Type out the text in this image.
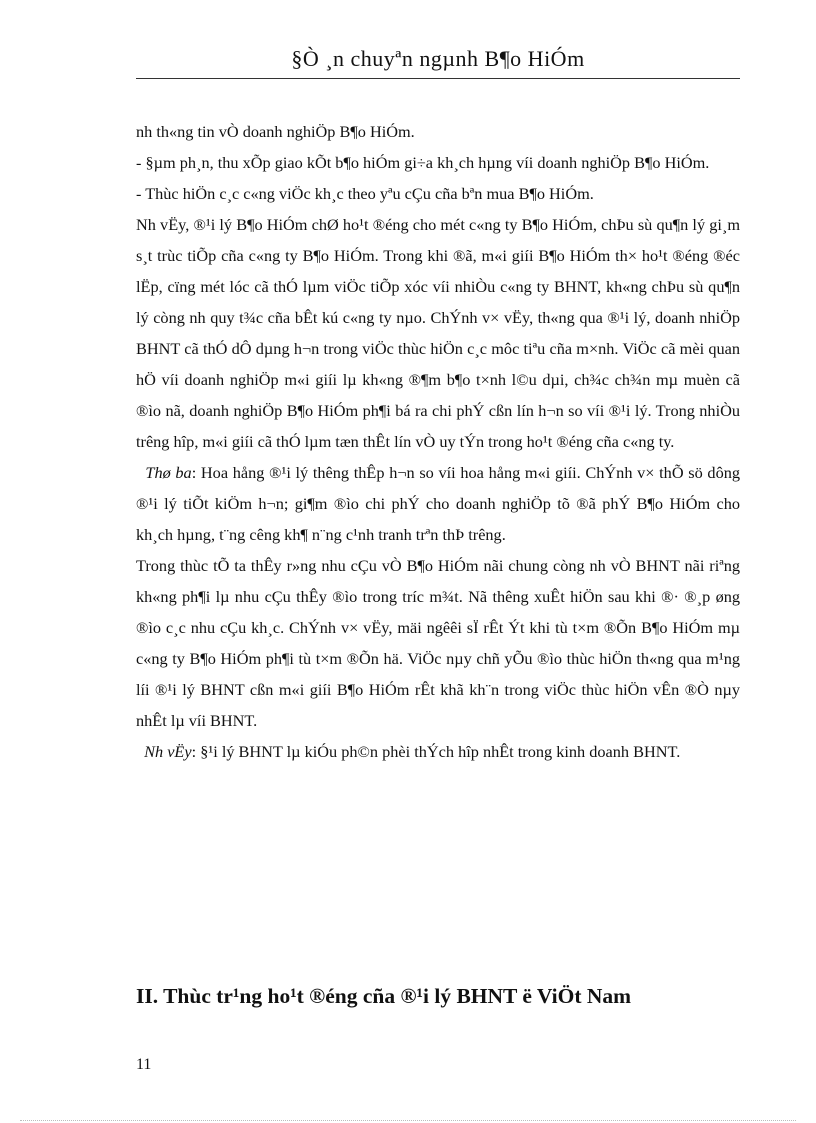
§Ò ¸n chuyªn ngµnh B¶o HiÓm

nh th«ng tin vÒ doanh nghiÖp B¶o HiÓm.

- §µm ph¸n, thu xÕp giao kÕt b¶o hiÓm gi÷a kh¸ch hµng víi doanh nghiÖp B¶o HiÓm.

- Thùc hiÖn c¸c c«ng viÖc kh¸c theo yªu cÇu cña bªn mua B¶o HiÓm.

Nh vËy, ®¹i lý B¶o HiÓm chØ ho¹t ®éng cho mét c«ng ty B¶o HiÓm, chÞu sù qu¶n lý gi¸m s¸t trùc tiÕp cña c«ng ty B¶o HiÓm. Trong khi ®ã, m«i giíi B¶o HiÓm th× ho¹t ®éng ®éc lËp, cïng mét lóc cã thÓ lµm viÖc tiÕp xóc víi nhiÒu c«ng ty BHNT, kh«ng chÞu sù qu¶n lý còng nh quy t¾c cña bÊt kú c«ng ty nµo. ChÝnh v× vËy, th«ng qua ®¹i lý, doanh nhiÖp BHNT cã thÓ dÔ dµng h¬n trong viÖc thùc hiÖn c¸c môc tiªu cña m×nh. ViÖc cã mèi quan hÖ víi doanh nghiÖp m«i giíi lµ kh«ng ®¶m b¶o t×nh l©u dµi, ch¾c ch¾n mµ muèn cã ®ìo nã, doanh nghiÖp B¶o HiÓm ph¶i bá ra chi phÝ cßn lín h¬n so víi ®¹i lý. Trong nhiÒu trêng hîp, m«i giíi cã thÓ lµm tæn thÊt lín vÒ uy tÝn trong ho¹t ®éng cña c«ng ty.

Thø ba: Hoa hång ®¹i lý thêng thÊp h¬n so víi hoa hång m«i giíi. ChÝnh v× thÕ sö dông ®¹i lý tiÕt kiÖm h¬n; gi¶m ®ìo chi phÝ cho doanh nghiÖp tõ ®ã phÝ B¶o HiÓm cho kh¸ch hµng, t¨ng cêng kh¶ n¨ng c¹nh tranh trªn thÞ trêng.

Trong thùc tÕ ta thÊy r»ng nhu cÇu vÒ B¶o HiÓm nãi chung còng nh vÒ BHNT nãi riªng kh«ng ph¶i lµ nhu cÇu thÊy ®ìo trong tríc m¾t. Nã thêng xuÊt hiÖn sau khi ®· ®¸p øng ®ìo c¸c nhu cÇu kh¸c. ChÝnh v× vËy, mäi ngêêi sÏ rÊt Ýt khi tù t×m ®Õn B¶o HiÓm mµ c«ng ty B¶o HiÓm ph¶i tù t×m ®Õn hä. ViÖc nµy chñ yÕu ®ìo thùc hiÖn th«ng qua m¹ng líi ®¹i lý BHNT cßn m«i giíi B¶o HiÓm rÊt khã kh¨n trong viÖc thùc hiÖn vÊn ®Ò nµy nhÊt lµ víi BHNT.

Nh vËy: §¹i lý BHNT lµ kiÓu ph©n phèi thÝch hîp nhÊt trong kinh doanh BHNT.

II. Thùc tr¹ng ho¹t ®éng cña ®¹i lý BHNT ë ViÖt Nam
11
